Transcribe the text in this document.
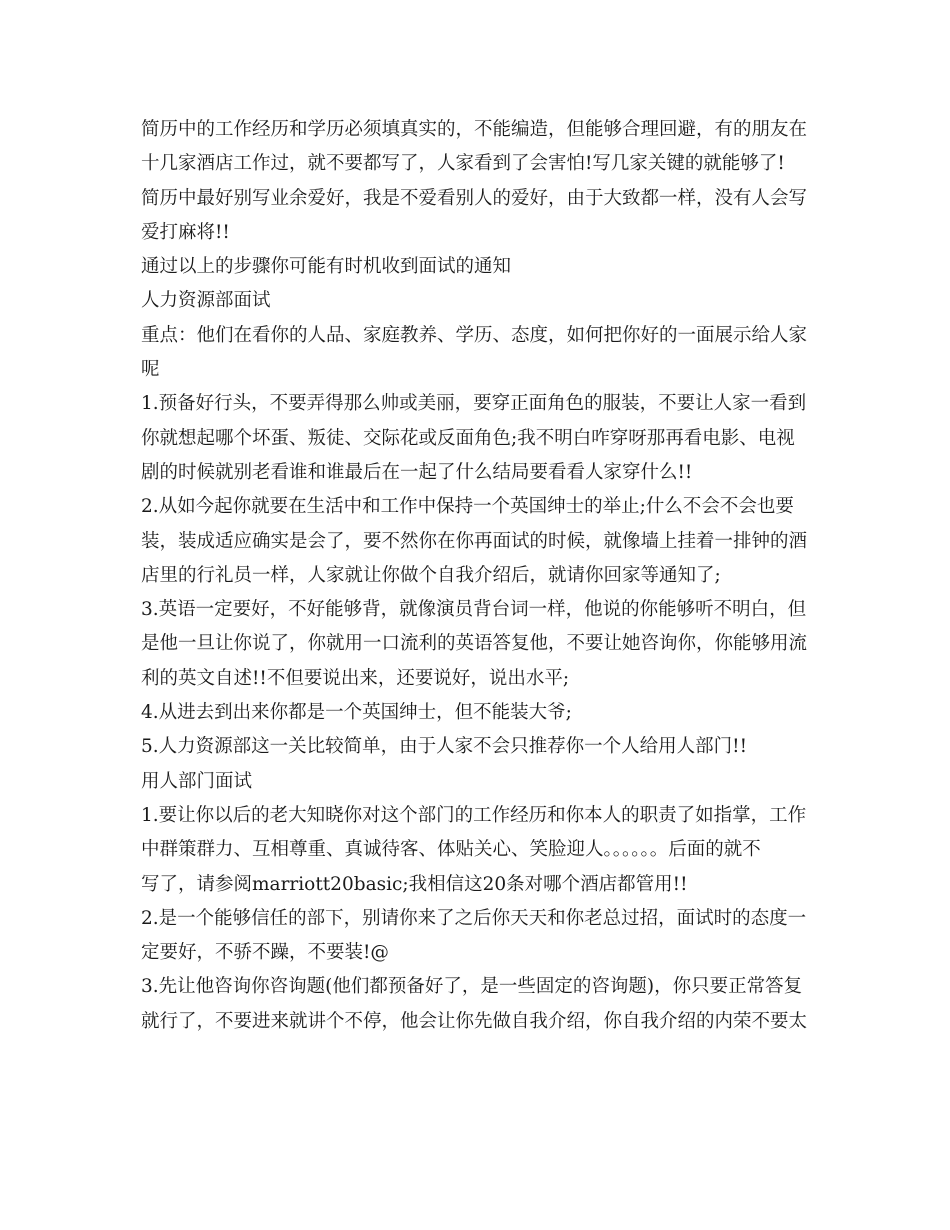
简历中的工作经历和学历必须填真实的，不能编造，但能够合理回避，有的朋友在
十几家酒店工作过，就不要都写了，人家看到了会害怕!写几家关键的就能够了!
简历中最好别写业余爱好，我是不爱看别人的爱好，由于大致都一样，没有人会写
爱打麻将!!
通过以上的步骤你可能有时机收到面试的通知
人力资源部面试
重点：他们在看你的人品、家庭教养、学历、态度，如何把你好的一面展示给人家
呢
1.预备好行头，不要弄得那么帅或美丽，要穿正面角色的服装，不要让人家一看到
你就想起哪个坏蛋、叛徒、交际花或反面角色;我不明白咋穿呀那再看电影、电视
剧的时候就别老看谁和谁最后在一起了什么结局要看看人家穿什么!!
2.从如今起你就要在生活中和工作中保持一个英国绅士的举止;什么不会不会也要
装，装成适应确实是会了，要不然你在你再面试的时候，就像墙上挂着一排钟的酒
店里的行礼员一样，人家就让你做个自我介绍后，就请你回家等通知了;
3.英语一定要好，不好能够背，就像演员背台词一样，他说的你能够听不明白，但
是他一旦让你说了，你就用一口流利的英语答复他，不要让她咨询你，你能够用流
利的英文自述!!不但要说出来，还要说好，说出水平;
4.从进去到出来你都是一个英国绅士，但不能装大爷;
5.人力资源部这一关比较简单，由于人家不会只推荐你一个人给用人部门!!
用人部门面试
1.要让你以后的老大知晓你对这个部门的工作经历和你本人的职责了如指掌，工作
中群策群力、互相尊重、真诚待客、体贴关心、笑脸迎人。。。。。。后面的就不
写了，请参阅marriott20basic;我相信这20条对哪个酒店都管用!!
2.是一个能够信任的部下，别请你来了之后你天天和你老总过招，面试时的态度一
定要好，不骄不躁，不要装!@
3.先让他咨询你咨询题(他们都预备好了，是一些固定的咨询题)，你只要正常答复
就行了，不要进来就讲个不停，他会让你先做自我介绍，你自我介绍的内荣不要太
